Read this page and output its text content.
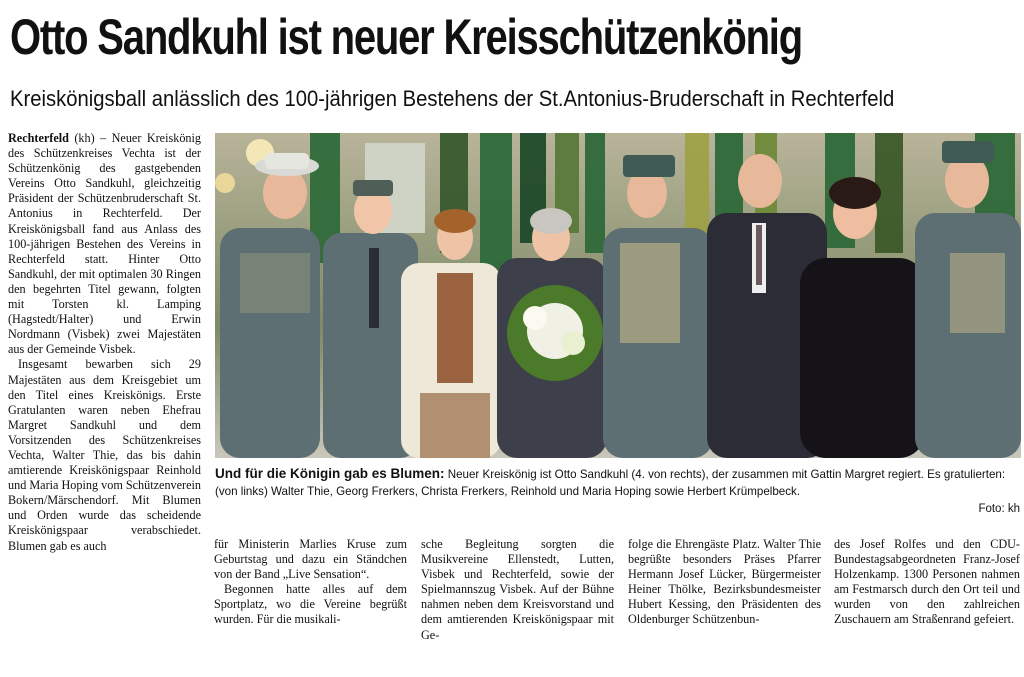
Otto Sandkuhl ist neuer Kreisschützenkönig
Kreiskönigsball anlässlich des 100-jährigen Bestehens der St.Antonius-Bruderschaft in Rechterfeld

Rechterfeld (kh) – Neuer Kreiskönig des Schützenkreises Vechta ist der Schützenkönig des gastgebenden Vereins Otto Sandkuhl, gleichzeitig Präsident der Schützenbruderschaft St. Antonius in Rechterfeld. Der Kreiskönigsball fand aus Anlass des 100-jährigen Bestehen des Vereins in Rechterfeld statt. Hinter Otto Sandkuhl, der mit optimalen 30 Ringen den begehrten Titel gewann, folgten mit Torsten kl. Lamping (Hagstedt/Halter) und Erwin Nordmann (Visbek) zwei Majestäten aus der Gemeinde Visbek.

Insgesamt bewarben sich 29 Majestäten aus dem Kreisgebiet um den Titel eines Kreiskönigs. Erste Gratulanten waren neben Ehefrau Margret Sandkuhl und dem Vorsitzenden des Schützenkreises Vechta, Walter Thie, das bis dahin amtierende Kreiskönigspaar Reinhold und Maria Hoping vom Schützenverein Bokern/Märschendorf. Mit Blumen und Orden wurde das scheidende Kreiskönigspaar verabschiedet. Blumen gab es auch

Und für die Königin gab es Blumen: Neuer Kreiskönig ist Otto Sandkuhl (4. von rechts), der zusammen mit Gattin Margret regiert. Es gratulierten: (von links) Walter Thie, Georg Frerkers, Christa Frerkers, Reinhold und Maria Hoping sowie Herbert Krümpelbeck.
Foto: kh

für Ministerin Marlies Kruse zum Geburtstag und dazu ein Ständchen von der Band „Live Sensation“.

Begonnen hatte alles auf dem Sportplatz, wo die Vereine begrüßt wurden. Für die musikali-

sche Begleitung sorgten die Musikvereine Ellenstedt, Lutten, Visbek und Rechterfeld, sowie der Spielmannszug Visbek. Auf der Bühne nahmen neben dem Kreisvorstand und dem amtierenden Kreiskönigspaar mit Ge-

folge die Ehrengäste Platz. Walter Thie begrüßte besonders Präses Pfarrer Hermann Josef Lücker, Bürgermeister Heiner Thölke, Bezirksbundesmeister Hubert Kessing, den Präsidenten des Oldenburger Schützenbun-

des Josef Rolfes und den CDU-Bundestagsabgeordneten Franz-Josef Holzenkamp. 1300 Personen nahmen am Festmarsch durch den Ort teil und wurden von den zahlreichen Zuschauern am Straßenrand gefeiert.
